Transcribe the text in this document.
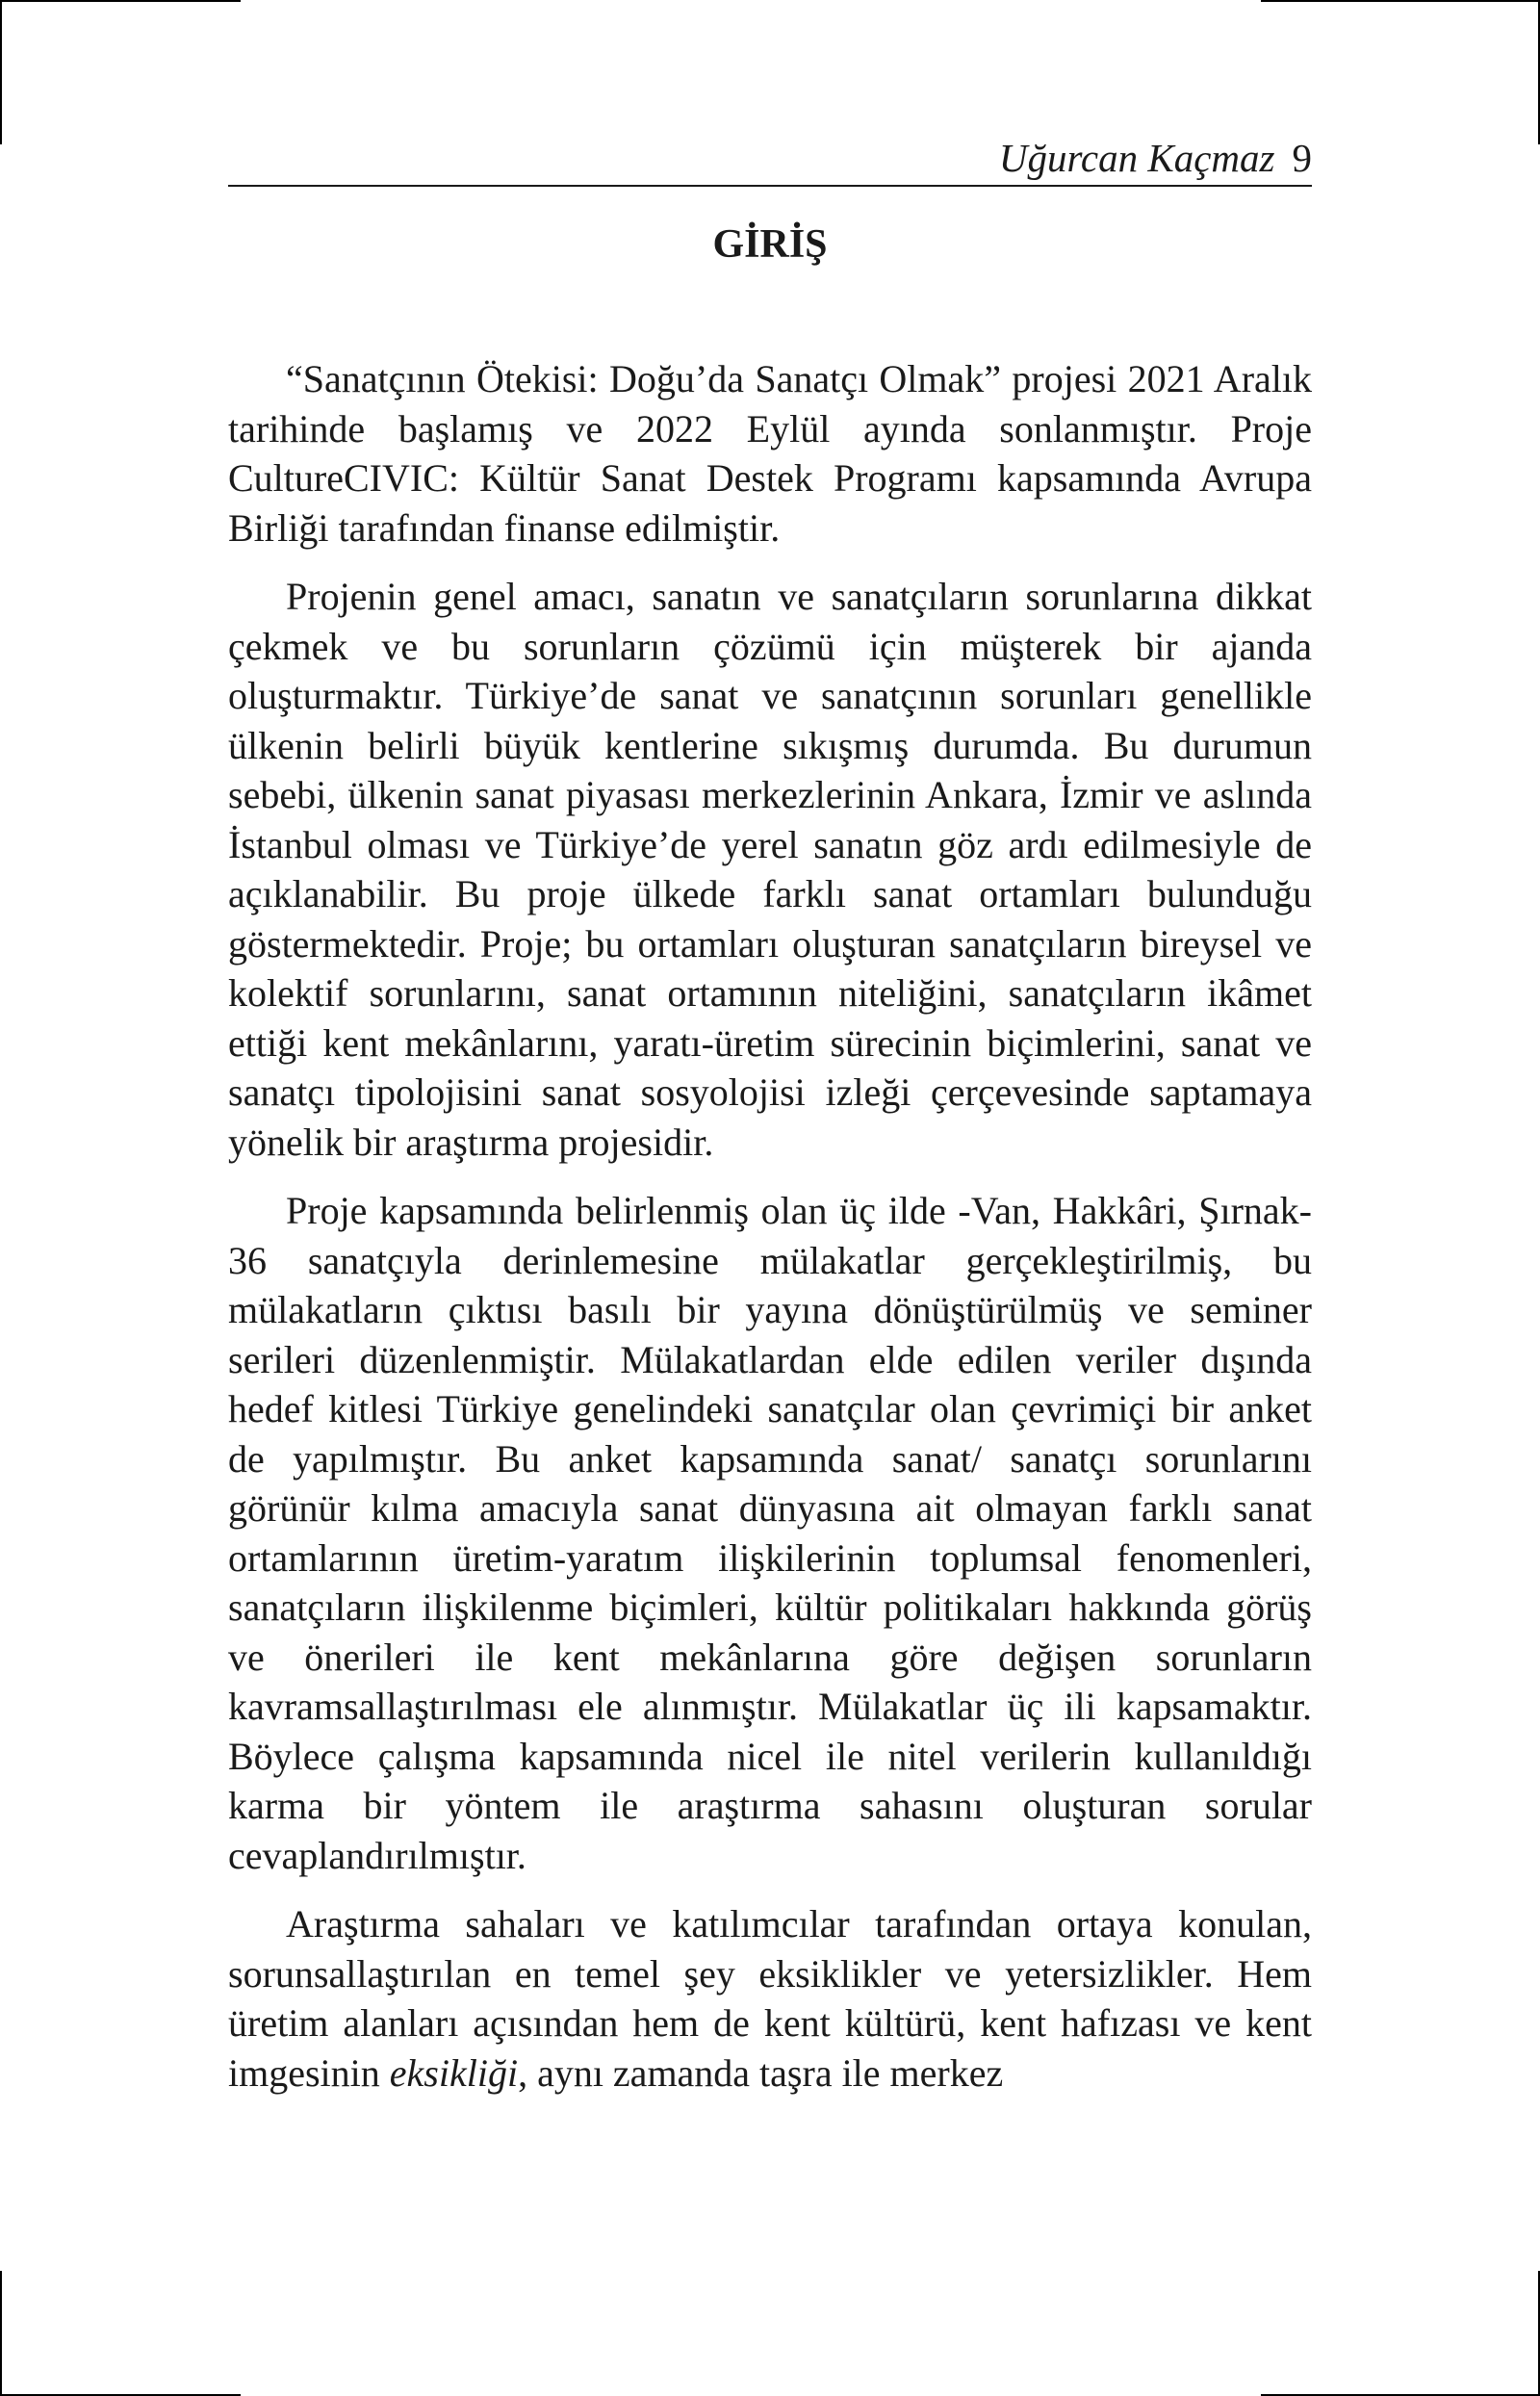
Uğurcan Kaçmaz 9
GİRİŞ

“Sanatçının Ötekisi: Doğu’da Sanatçı Olmak” projesi 2021 Aralık tarihinde başlamış ve 2022 Eylül ayında sonlanmıştır. Proje CultureCIVIC: Kültür Sanat Destek Programı kapsamında Avrupa Birliği tarafından finanse edilmiştir.

Projenin genel amacı, sanatın ve sanatçıların sorunlarına dikkat çekmek ve bu sorunların çözümü için müşterek bir ajanda oluşturmaktır. Türkiye’de sanat ve sanatçının sorunları genellikle ülkenin belirli büyük kentlerine sıkışmış durumda. Bu durumun sebebi, ülkenin sanat piyasası merkezlerinin Ankara, İzmir ve aslında İstanbul olması ve Türkiye’de yerel sanatın göz ardı edilmesiyle de açıklanabilir. Bu proje ülkede farklı sanat ortamları bulunduğu göstermektedir. Proje; bu ortamları oluşturan sanatçıların bireysel ve kolektif sorunlarını, sanat ortamının niteliğini, sanatçıların ikâmet ettiği kent mekânlarını, yaratı-üretim sürecinin biçimlerini, sanat ve sanatçı tipolojisini sanat sosyolojisi izleği çerçevesinde saptamaya yönelik bir araştırma projesidir.

Proje kapsamında belirlenmiş olan üç ilde -Van, Hakkâri, Şırnak- 36 sanatçıyla derinlemesine mülakatlar gerçekleştirilmiş, bu mülakatların çıktısı basılı bir yayına dönüştürülmüş ve seminer serileri düzenlenmiştir. Mülakatlardan elde edilen veriler dışında hedef kitlesi Türkiye genelindeki sanatçılar olan çevrimiçi bir anket de yapılmıştır. Bu anket kapsamında sanat/ sanatçı sorunlarını görünür kılma amacıyla sanat dünyasına ait olmayan farklı sanat ortamlarının üretim-yaratım ilişkilerinin toplumsal fenomenleri, sanatçıların ilişkilenme biçimleri, kültür politikaları hakkında görüş ve önerileri ile kent mekânlarına göre değişen sorunların kavramsallaştırılması ele alınmıştır. Mülakatlar üç ili kapsamaktır. Böylece çalışma kapsamında nicel ile nitel verilerin kullanıldığı karma bir yöntem ile araştırma sahasını oluşturan sorular cevaplandırılmıştır.

Araştırma sahaları ve katılımcılar tarafından ortaya konulan, sorunsallaştırılan en temel şey eksiklikler ve yetersizlikler. Hem üretim alanları açısından hem de kent kültürü, kent hafızası ve kent imgesinin eksikliği, aynı zamanda taşra ile merkez
